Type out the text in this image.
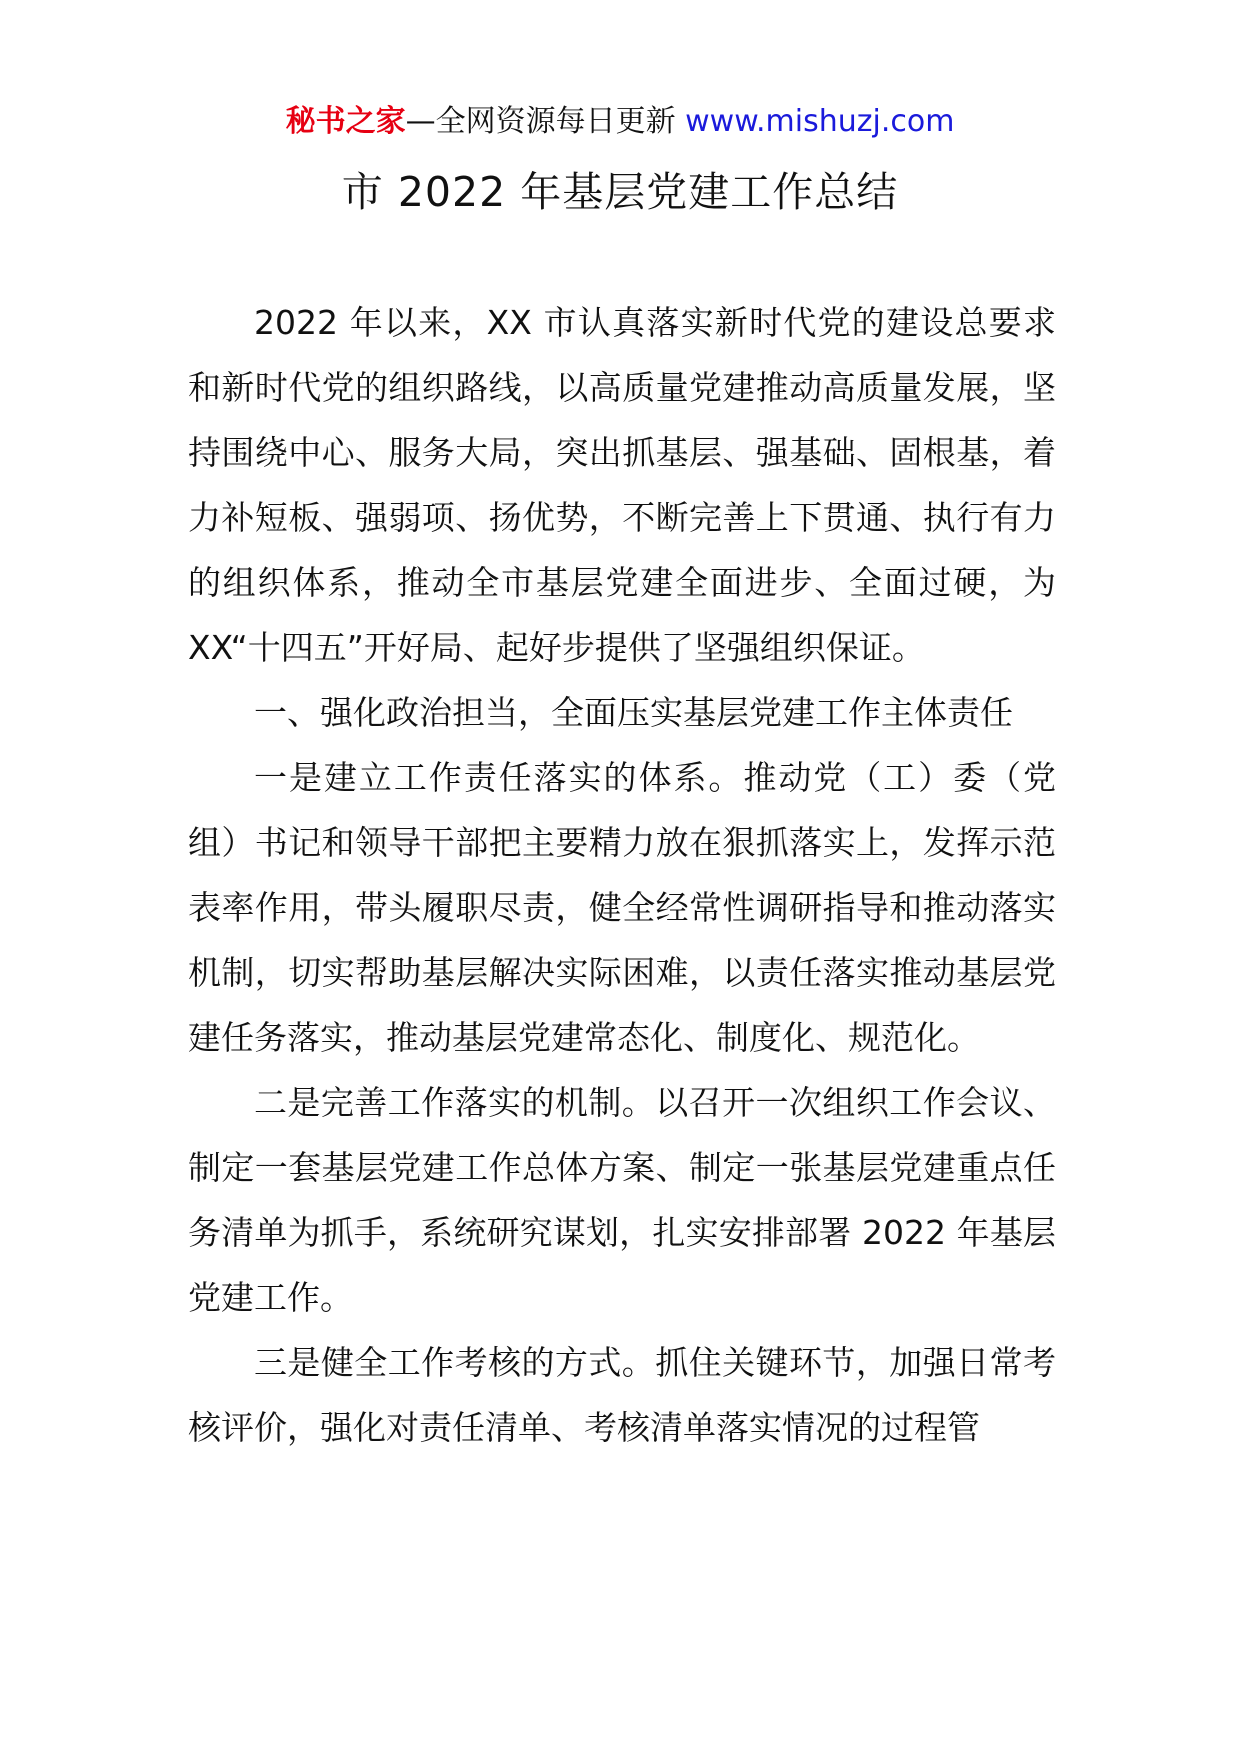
秘书之家—全网资源每日更新 www.mishuzj.com
市 2022 年基层党建工作总结

2022 年以来，XX 市认真落实新时代党的建设总要求和新时代党的组织路线，以高质量党建推动高质量发展，坚持围绕中心、服务大局，突出抓基层、强基础、固根基，着力补短板、强弱项、扬优势，不断完善上下贯通、执行有力的组织体系，推动全市基层党建全面进步、全面过硬，为 XX“十四五”开好局、起好步提供了坚强组织保证。

一、强化政治担当，全面压实基层党建工作主体责任

一是建立工作责任落实的体系。推动党（工）委（党组）书记和领导干部把主要精力放在狠抓落实上，发挥示范表率作用，带头履职尽责，健全经常性调研指导和推动落实机制，切实帮助基层解决实际困难，以责任落实推动基层党建任务落实，推动基层党建常态化、制度化、规范化。

二是完善工作落实的机制。以召开一次组织工作会议、制定一套基层党建工作总体方案、制定一张基层党建重点任务清单为抓手，系统研究谋划，扎实安排部署 2022 年基层党建工作。

三是健全工作考核的方式。抓住关键环节，加强日常考核评价，强化对责任清单、考核清单落实情况的过程管
